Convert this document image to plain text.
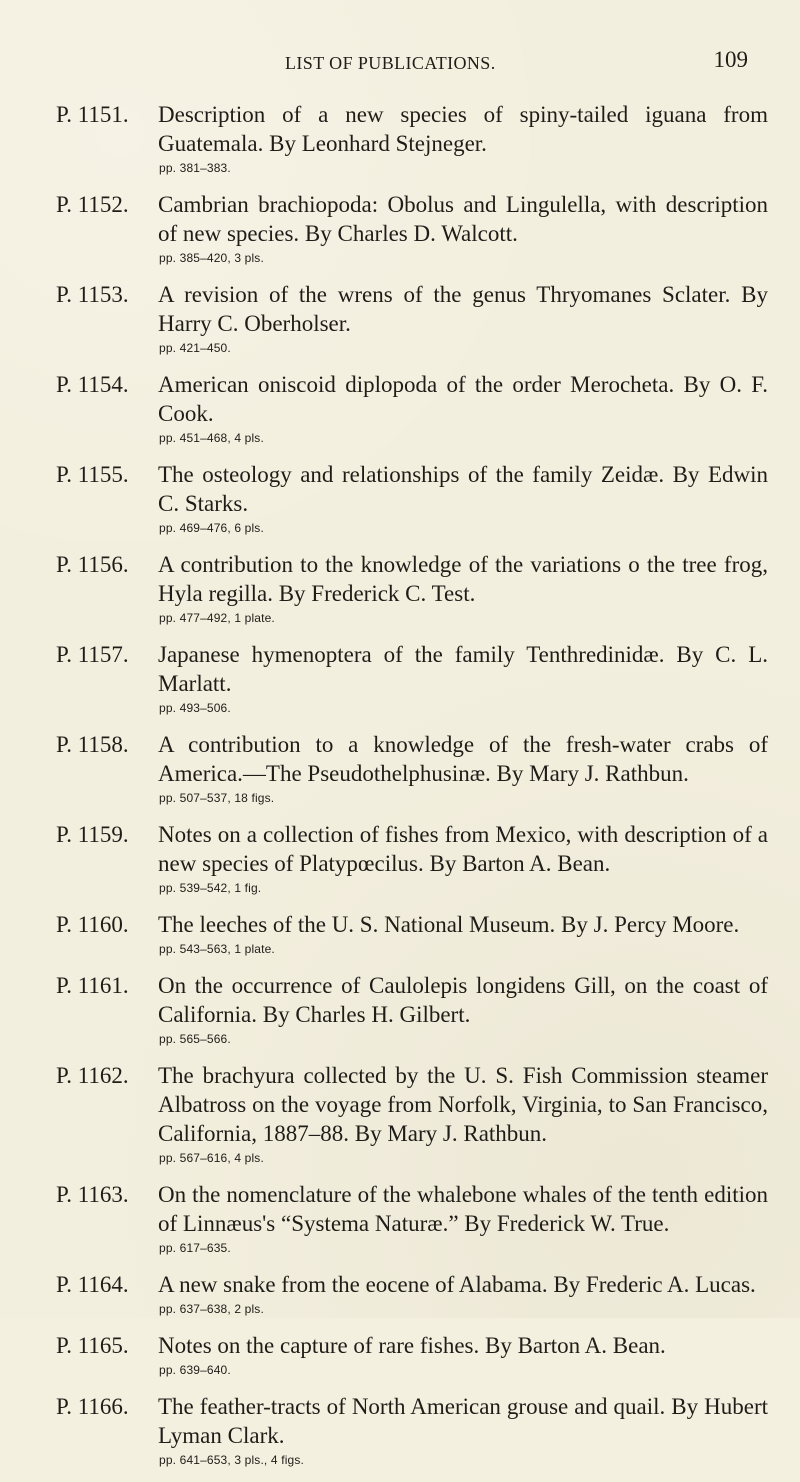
LIST OF PUBLICATIONS.	109
P. 1151.	Description of a new species of spiny-tailed iguana from Guatemala. By Leonhard Stejneger.
pp. 381–383.
P. 1152.	Cambrian brachiopoda: Obolus and Lingulella, with description of new species. By Charles D. Walcott.
pp. 385–420, 3 pls.
P. 1153.	A revision of the wrens of the genus Thryomanes Sclater. By Harry C. Oberholser.
pp. 421–450.
P. 1154.	American oniscoid diplopoda of the order Merocheta. By O. F. Cook.
pp. 451–468, 4 pls.
P. 1155.	The osteology and relationships of the family Zeidæ. By Edwin C. Starks.
pp. 469–476, 6 pls.
P. 1156.	A contribution to the knowledge of the variations o the tree frog, Hyla regilla. By Frederick C. Test.
pp. 477–492, 1 plate.
P. 1157.	Japanese hymenoptera of the family Tenthredinidæ. By C. L. Marlatt.
pp. 493–506.
P. 1158.	A contribution to a knowledge of the fresh-water crabs of America.—The Pseudothelphusinæ. By Mary J. Rathbun.
pp. 507–537, 18 figs.
P. 1159.	Notes on a collection of fishes from Mexico, with description of a new species of Platypœcilus. By Barton A. Bean.
pp. 539–542, 1 fig.
P. 1160.	The leeches of the U. S. National Museum. By J. Percy Moore.
pp. 543–563, 1 plate.
P. 1161.	On the occurrence of Caulolepis longidens Gill, on the coast of California. By Charles H. Gilbert.
pp. 565–566.
P. 1162.	The brachyura collected by the U. S. Fish Commission steamer Albatross on the voyage from Norfolk, Virginia, to San Francisco, California, 1887–88. By Mary J. Rathbun.
pp. 567–616, 4 pls.
P. 1163.	On the nomenclature of the whalebone whales of the tenth edition of Linnæus's “Systema Naturæ.” By Frederick W. True.
pp. 617–635.
P. 1164.	A new snake from the eocene of Alabama. By Frederic A. Lucas.
pp. 637–638, 2 pls.
P. 1165.	Notes on the capture of rare fishes. By Barton A. Bean.
pp. 639–640.
P. 1166.	The feather-tracts of North American grouse and quail. By Hubert Lyman Clark.
pp. 641–653, 3 pls., 4 figs.
